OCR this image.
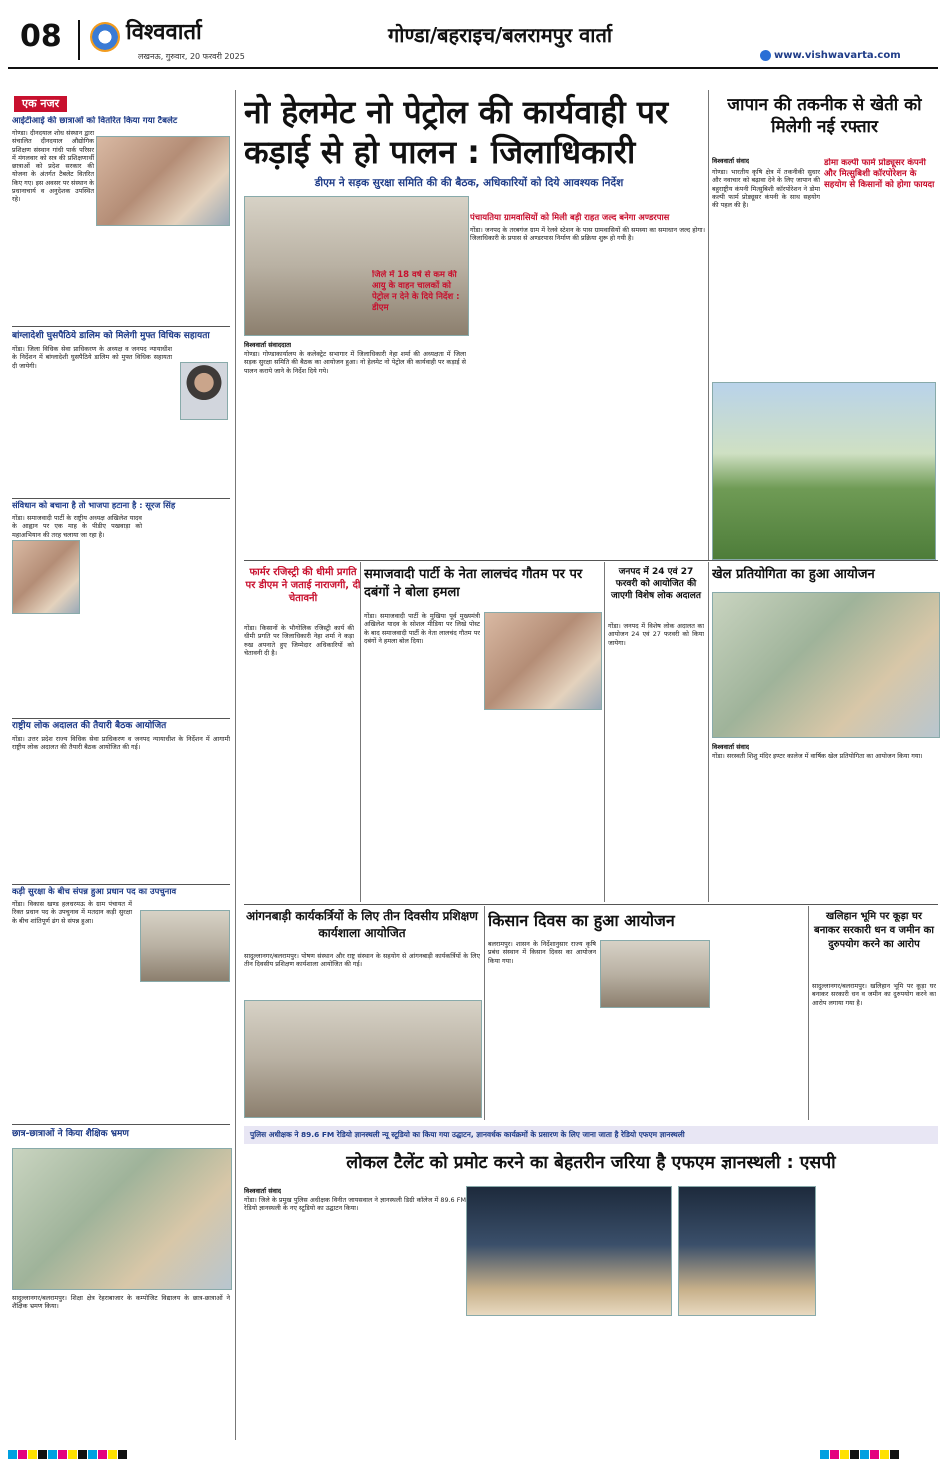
08	विश्ववार्ता
लखनऊ, गुरुवार, 20 फरवरी 2025
गोण्डा/बहराइच/बलरामपुर वार्ता
www.vishwavarta.com
एक नजर
आईटीआई की छात्राओं को वितरित किया गया टैबलेट
गोण्डा। दीनदयाल शोध संस्थान द्वारा संचालित दीनदयाल औद्योगिक प्रशिक्षण संस्थान गांधी पार्क परिसर में मंगलवार को सत्र की प्रशिक्षणार्थी छात्राओं को प्रदेश सरकार की योजना के अंतर्गत टैबलेट वितरित किए गए। इस अवसर पर संस्थान के प्रधानाचार्य व अनुदेशक उपस्थित रहे।
बांग्लादेशी घुसपैठिये डालिम को मिलेगी मुफ्त विधिक सहायता
गोंडा। जिला विधिक सेवा प्राधिकरण के अध्यक्ष व जनपद न्यायाधीश के निर्देशन में बांग्लादेशी घुसपैठिये डालिम को मुफ्त विधिक सहायता दी जायेगी।
संविधान को बचाना है तो भाजपा हटाना है : सूरज सिंह
गोंडा। समाजवादी पार्टी के राष्ट्रीय अध्यक्ष अखिलेश यादव के आह्वान पर एक माह के पीडीए पखवाड़ा को महाअभियान की तरह चलाया जा रहा है।
राष्ट्रीय लोक अदालत की तैयारी बैठक आयोजित
गोंडा। उत्तर प्रदेश राज्य विधिक सेवा प्राधिकरण व जनपद न्यायाधीश के निर्देशन में आगामी राष्ट्रीय लोक अदालत की तैयारी बैठक आयोजित की गई।
कड़ी सुरक्षा के बीच संपन्न हुआ प्रधान पद का उपचुनाव
गोंडा। विकास खण्ड हलधरमऊ के ग्राम पंचायत में रिक्त प्रधान पद के उपचुनाव में मतदान कड़ी सुरक्षा के बीच शांतिपूर्ण ढंग से संपन्न हुआ।
छात्र-छात्राओं ने किया शैक्षिक भ्रमण
सादुल्लानगर/बलरामपुर। शिक्षा क्षेत्र रेहराबाजार के कम्पोजिट विद्यालय के छात्र-छात्राओं ने शैक्षिक भ्रमण किया।
नो हेलमेट नो पेट्रोल की कार्यवाही पर कड़ाई से हो पालन : जिलाधिकारी
डीएम ने सड़क सुरक्षा समिति की की बैठक, अधिकारियों को दिये आवश्यक निर्देश
विश्ववार्ता संवाददाता
गोण्डा। गोण्डाकार्यालय के कलेक्ट्रेट सभागार में जिलाधिकारी नेहा शर्मा की अध्यक्षता में जिला सड़क सुरक्षा समिति की बैठक का आयोजन हुआ। नो हेलमेट नो पेट्रोल की कार्यवाही पर कड़ाई से पालन कराये जाने के निर्देश दिये गये।
जिले में 18 वर्ष से कम की आयु के वाहन चालकों को पेट्रोल न देने के दिये निर्देश : डीएम
पंचायतिया ग्रामवासियों को मिली बड़ी राहत जल्द बनेगा अण्डरपास
गोंडा। जनपद के तरबगंज ग्राम में रेलवे स्टेशन के पास ग्रामवासियों की समस्या का समाधान जल्द होगा। जिलाधिकारी के प्रयास से अण्डरपास निर्माण की प्रक्रिया शुरू हो गयी है।
जापान की तकनीक से खेती को मिलेगी नई रफ्तार
विश्ववार्ता संवाद	डोमा कल्पी फार्म प्रोड्यूसर कंपनी और मित्सुबिशी कॉरपोरेशन के सहयोग से किसानों को होगा फायदा
गोण्डा। भारतीय कृषि क्षेत्र में तकनीकी सुधार और नवाचार को बढ़ावा देने के लिए जापान की बहुराष्ट्रीय कंपनी मित्सुबिशी कॉरपोरेशन ने डोमा कल्पी फार्म प्रोड्यूसर कंपनी के साथ सहयोग की पहल की है।
फार्मर रजिस्ट्री की धीमी प्रगति पर डीएम ने जताई नाराजगी, दी चेतावनी
गोंडा। किसानों के भौगोलिक रजिस्ट्री कार्य की धीमी प्रगति पर जिलाधिकारी नेहा शर्मा ने कड़ा रुख अपनाते हुए जिम्मेदार अधिकारियों को चेतावनी दी है।
समाजवादी पार्टी के नेता लालचंद गौतम पर पर दबंगों ने बोला हमला
गोंडा। समाजवादी पार्टी के मुखिया पूर्व मुख्यमंत्री अखिलेश यादव के सोशल मीडिया पर लिखे पोस्ट के बाद समाजवादी पार्टी के नेता लालचंद गौतम पर दबंगों ने हमला बोल दिया।
जनपद में 24 एवं 27 फरवरी को आयोजित की जाएगी विशेष लोक अदालत
गोंडा। जनपद में विशेष लोक अदालत का आयोजन 24 एवं 27 फरवरी को किया जायेगा।
खेल प्रतियोगिता का हुआ आयोजन
विश्ववार्ता संवाद
गोंडा। सरस्वती शिशु मंदिर इण्टर कालेज में वार्षिक खेल प्रतियोगिता का आयोजन किया गया।
आंगनबाड़ी कार्यकर्त्रियों के लिए तीन दिवसीय प्रशिक्षण कार्यशाला आयोजित
सादुल्लानगर/बलरामपुर। पोषण संस्थान और राष्ट्र संस्थान के सहयोग से आंगनबाड़ी कार्यकर्त्रियों के लिए तीन दिवसीय प्रशिक्षण कार्यशाला आयोजित की गई।
किसान दिवस का हुआ आयोजन
बलरामपुर। शासन के निर्देशानुसार राज्य कृषि प्रबंध संस्थान में किसान दिवस का आयोजन किया गया।
खलिहान भूमि पर कूड़ा घर बनाकर सरकारी धन व जमीन का दुरुपयोग करने का आरोप
सादुल्लानगर/बलरामपुर। खलिहान भूमि पर कूड़ा घर बनाकर सरकारी धन व जमीन का दुरुपयोग करने का आरोप लगाया गया है।
पुलिस अधीक्षक ने 89.6 FM रेडियो ज्ञानस्थली न्यू स्टूडियो का किया गया उद्घाटन, ज्ञानवर्धक कार्यक्रमों के प्रसारण के लिए जाना जाता है रेडियो एफएम ज्ञानस्थली
लोकल टैलेंट को प्रमोट करने का बेहतरीन जरिया है एफएम ज्ञानस्थली : एसपी
विश्ववार्ता संवाद
गोंडा। जिले के प्रमुख पुलिस अधीक्षक विनीत जायसवाल ने ज्ञानस्थली डिग्री कॉलेज में 89.6 FM रेडियो ज्ञानस्थली के नए स्टूडियो का उद्घाटन किया।
